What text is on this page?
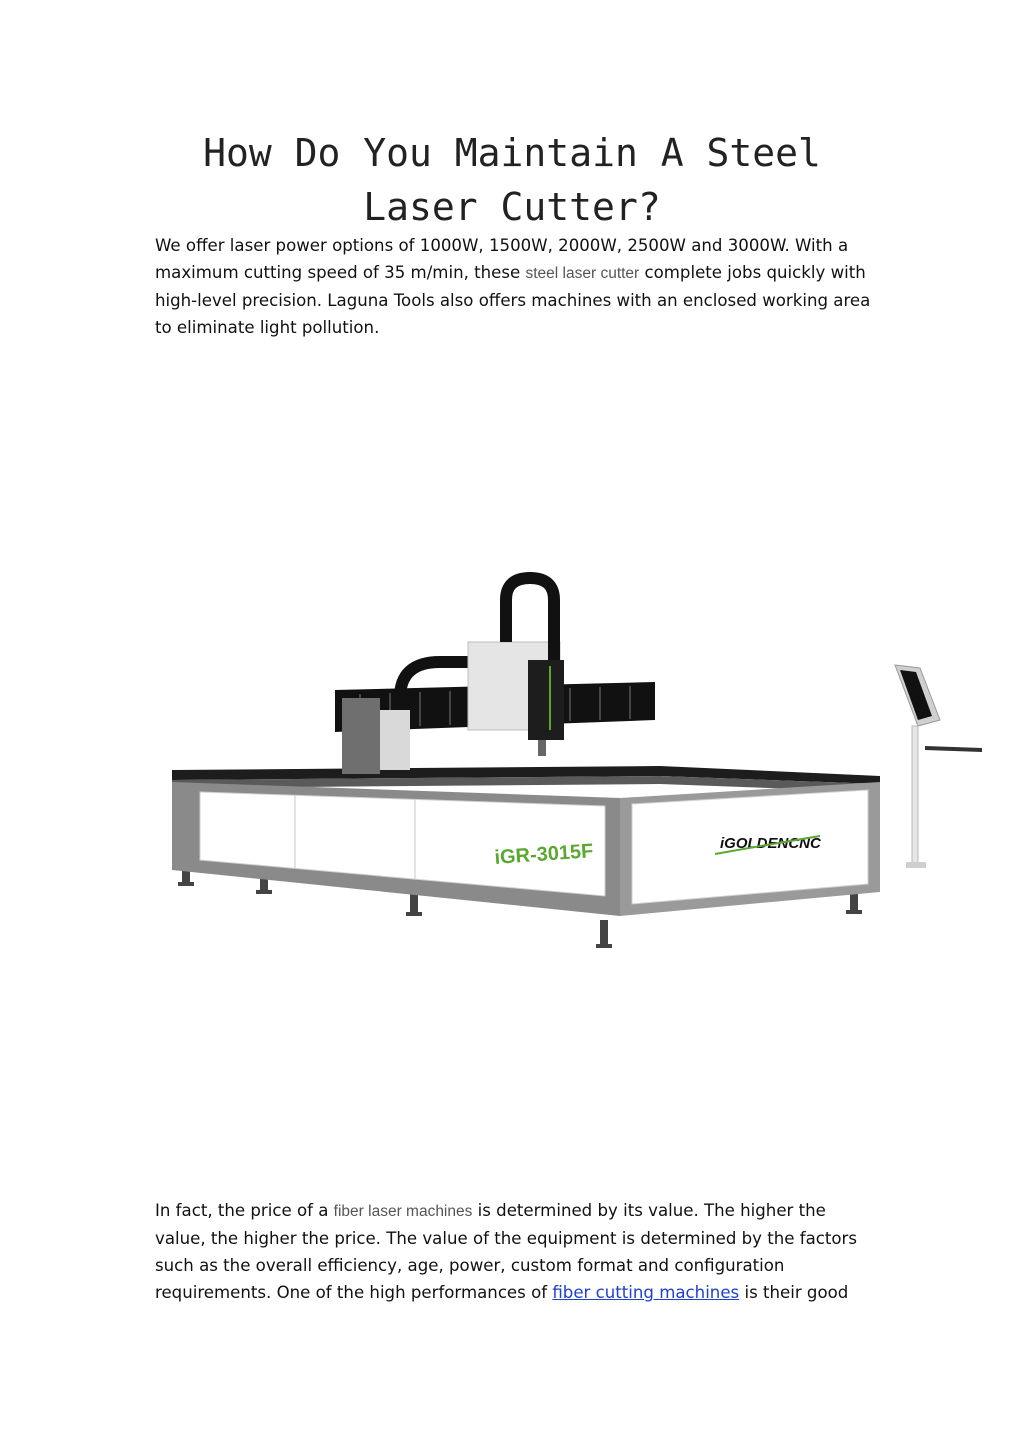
How Do You Maintain A Steel Laser Cutter?

We offer laser power options of 1000W, 1500W, 2000W, 2500W and 3000W. With a maximum cutting speed of 35 m/min, these steel laser cutter complete jobs quickly with high-level precision. Laguna Tools also offers machines with an enclosed working area to eliminate light pollution.

iGR-3015F	iGOLDENCNC

In fact, the price of a fiber laser machines is determined by its value. The higher the value, the higher the price. The value of the equipment is determined by the factors such as the overall efficiency, age, power, custom format and configuration requirements. One of the high performances of fiber cutting machines is their good
